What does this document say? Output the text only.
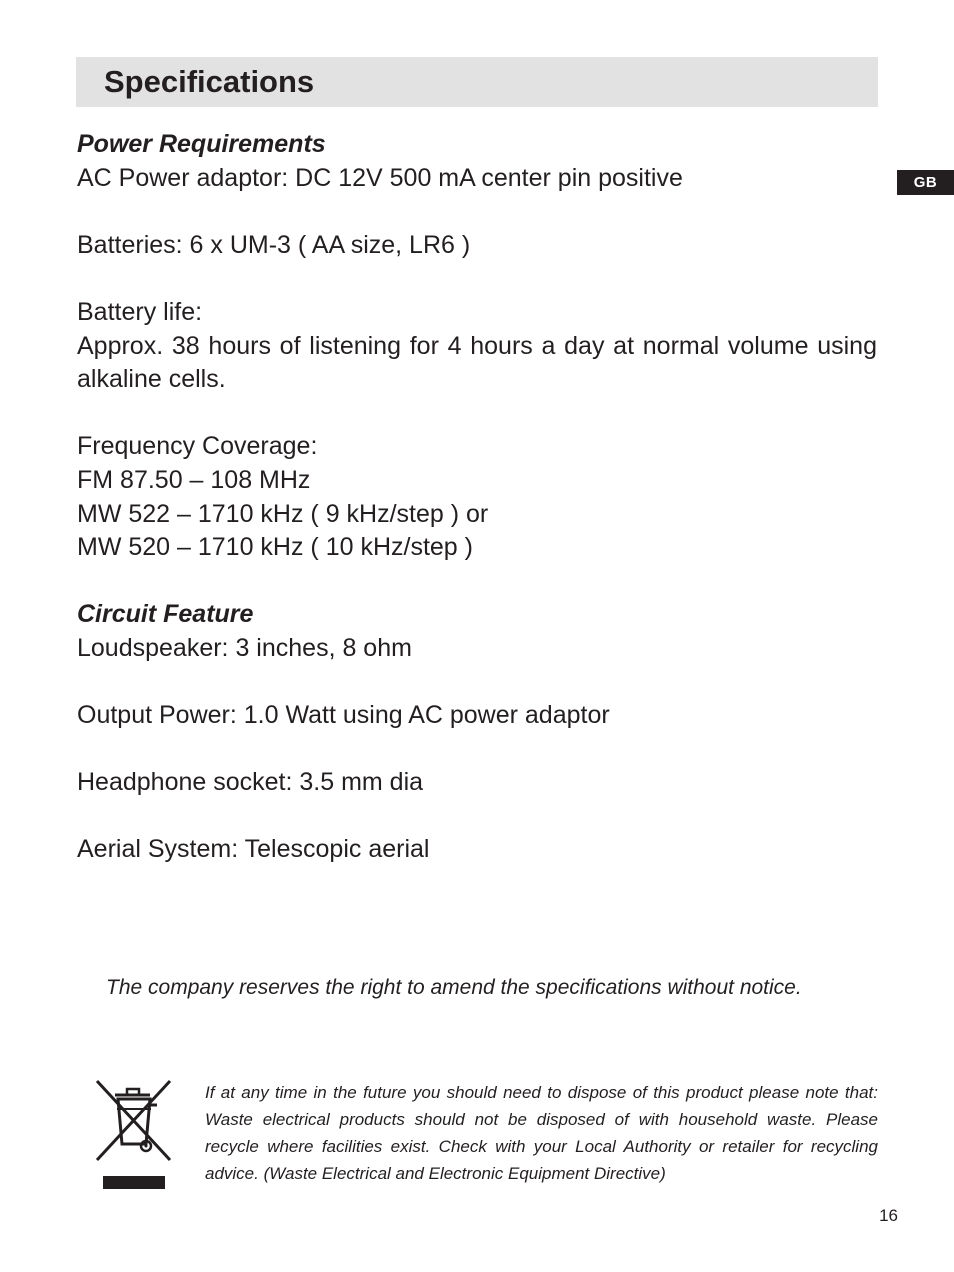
Specifications
GB
Power Requirements
AC Power adaptor: DC 12V 500 mA center pin positive
Batteries: 6 x UM-3 ( AA size, LR6 )
Battery life:
Approx. 38 hours of listening for 4 hours a day at normal volume using alkaline cells.
Frequency Coverage:
FM 87.50 – 108 MHz
MW 522 – 1710 kHz ( 9 kHz/step ) or
MW 520 – 1710 kHz ( 10 kHz/step )
Circuit Feature
Loudspeaker: 3 inches, 8 ohm
Output Power: 1.0 Watt using AC power adaptor
Headphone socket: 3.5 mm dia
Aerial System: Telescopic aerial
The company reserves the right to amend the specifications without notice.

If at any time in the future you should need to dispose of this product please note that: Waste electrical products should not be disposed of with household waste. Please recycle where facilities exist. Check with your Local Authority or retailer for recycling advice. (Waste Electrical and Electronic Equipment Directive)

16
